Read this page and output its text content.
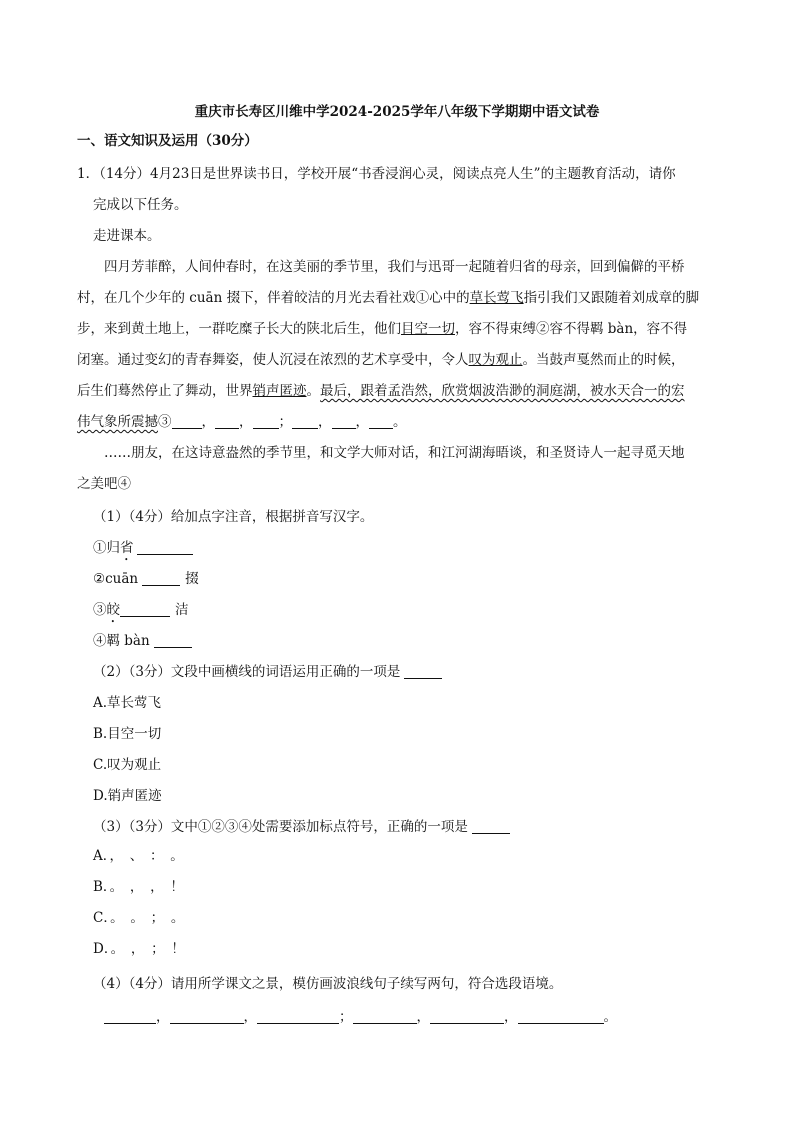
重庆市长寿区川维中学2024-2025学年八年级下学期期中语文试卷
一、语文知识及运用（30分）
1．（14分）4月23日是世界读书日，学校开展“书香浸润心灵，阅读点亮人生”的主题教育活动，请你
完成以下任务。
走进课本。
四月芳菲醉，人间仲春时，在这美丽的季节里，我们与迅哥一起随着归省的母亲，回到偏僻的平桥
村，在几个少年的 cuān 掇下，伴着皎洁的月光去看社戏①心中的草长莺飞指引我们又跟随着刘成章的脚
步，来到黄土地上，一群吃糜子长大的陕北后生，他们目空一切，容不得束缚②容不得羁 bàn，容不得
闭塞。通过变幻的青春舞姿，使人沉浸在浓烈的艺术享受中，令人叹为观止。当鼓声戛然而止的时候，
后生们蓦然停止了舞动，世界销声匿迹。最后，跟着孟浩然，欣赏烟波浩渺的洞庭湖，被水天合一的宏
伟气象所震撼③ ， ， ； ， ， 。
……朋友，在这诗意盎然的季节里，和文学大师对话，和江河湖海晤谈，和圣贤诗人一起寻觅天地
之美吧④
（1）（4分）给加点字注音，根据拼音写汉字。
①归省
②cuān	掇
③皎	洁
④羁 bàn
（2）（3分）文段中画横线的词语运用正确的一项是
A.草长莺飞
B.目空一切
C.叹为观止
D.销声匿迹
（3）（3分）文中①②③④处需要添加标点符号，正确的一项是
A．，　、　：　。
B．。　，　，　！
C．。　。　；　。
D．。　，　；　！
（4）（4分）请用所学课文之景，模仿画波浪线句子续写两句，符合选段语境。
，	，	；	，	，	。
